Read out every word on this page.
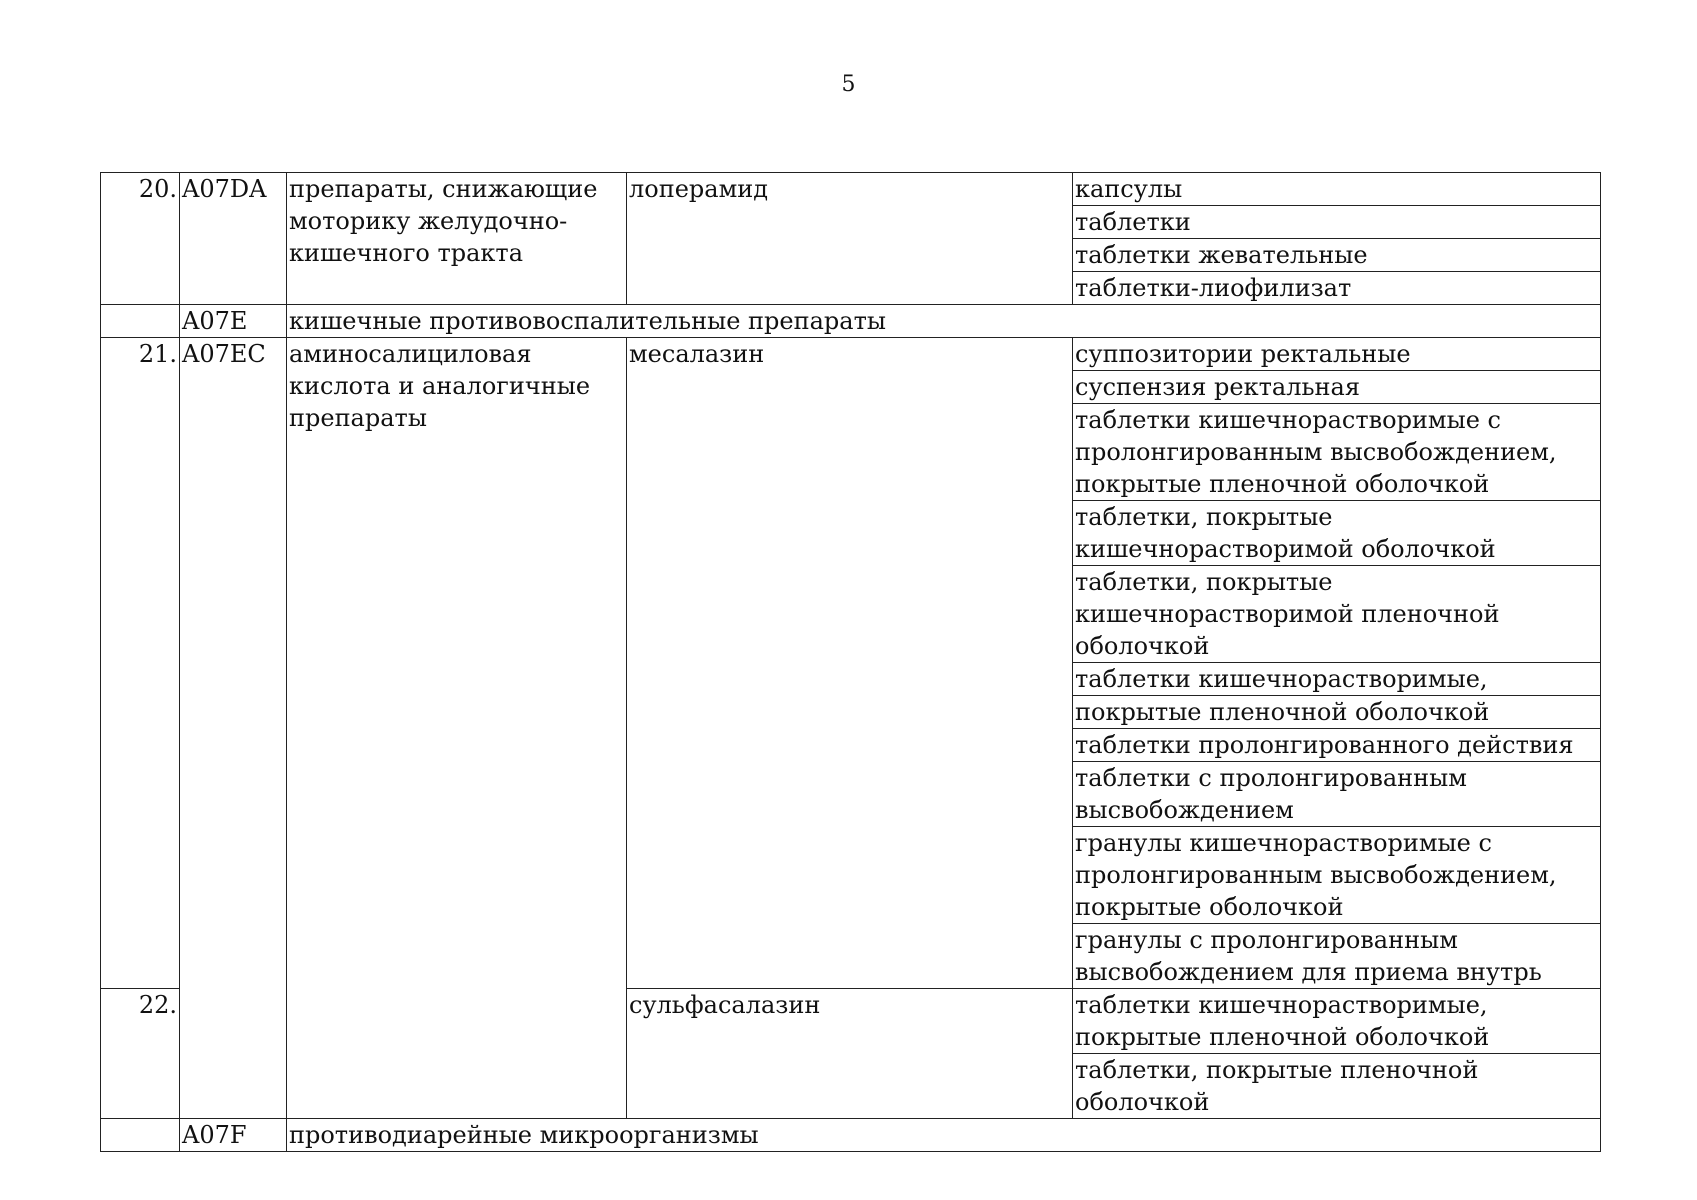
5
20.	A07DA	препараты, снижающие моторику желудочно-кишечного тракта	лоперамид	капсулы
				таблетки
				таблетки жевательные
				таблетки-лиофилизат
	A07E	кишечные противовоспалительные препараты		
21.	A07EC	аминосалициловая кислота и аналогичные препараты	месалазин	суппозитории ректальные
				суспензия ректальная
				таблетки кишечнорастворимые с пролонгированным высвобождением, покрытые пленочной оболочкой
				таблетки, покрытые кишечнорастворимой оболочкой
				таблетки, покрытые кишечнорастворимой пленочной оболочкой
				таблетки кишечнорастворимые,
				покрытые пленочной оболочкой
				таблетки пролонгированного действия
				таблетки с пролонгированным высвобождением
				гранулы кишечнорастворимые с пролонгированным высвобождением, покрытые оболочкой
				гранулы с пролонгированным высвобождением для приема внутрь
22.			сульфасалазин	таблетки кишечнорастворимые, покрытые пленочной оболочкой
				таблетки, покрытые пленочной оболочкой
	A07F	противодиарейные микроорганизмы		
